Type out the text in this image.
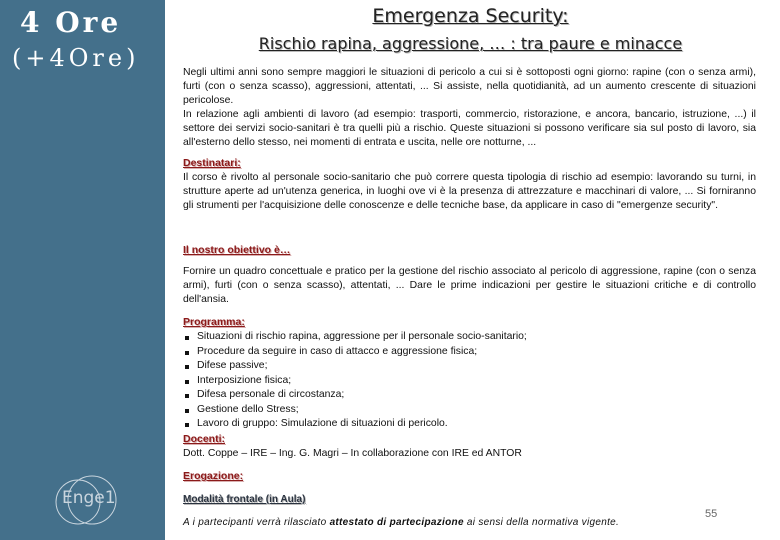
4 Ore
(+4Ore)
Enge1
Emergenza Security:
Rischio rapina, aggressione, … : tra paure e minacce

Negli ultimi anni sono sempre maggiori le situazioni di pericolo a cui si è sottoposti ogni giorno: rapine (con o senza armi), furti (con o senza scasso), aggressioni, attentati, ... Si assiste, nella quotidianità, ad un aumento crescente di situazioni pericolose.

In relazione agli ambienti di lavoro (ad esempio: trasporti, commercio, ristorazione, e ancora, bancario, istruzione, ...) il settore dei servizi socio-sanitari è tra quelli più a rischio. Queste situazioni si possono verificare sia sul posto di lavoro, sia all'esterno dello stesso, nei momenti di entrata e uscita, nelle ore notturne, ...

Destinatari:
Il corso è rivolto al personale socio-sanitario che può correre questa tipologia di rischio ad esempio: lavorando su turni, in strutture aperte ad un'utenza generica, in luoghi ove vi è la presenza di attrezzature e macchinari di valore, ... Si forniranno gli strumenti per l'acquisizione delle conoscenze e delle tecniche base, da applicare in caso di "emergenze security".
Il nostro obiettivo è…
Fornire un quadro concettuale e pratico per la gestione del rischio associato al pericolo di aggressione, rapine (con o senza armi), furti (con o senza scasso), attentati, ... Dare le prime indicazioni per gestire le situazioni critiche e di controllo dell'ansia.
Programma:
Situazioni di rischio rapina, aggressione per il personale socio-sanitario;
Procedure da seguire in caso di attacco e aggressione fisica;
Difese passive;
Interposizione fisica;
Difesa personale di circostanza;
Gestione dello Stress;
Lavoro di gruppo: Simulazione di situazioni di pericolo.
Docenti:
Dott. Coppe – IRE – Ing. G. Magri – In collaborazione con IRE ed ANTOR
Erogazione:
Modalità frontale (in Aula)
A i partecipanti verrà rilasciato attestato di partecipazione ai sensi della normativa vigente.
55
